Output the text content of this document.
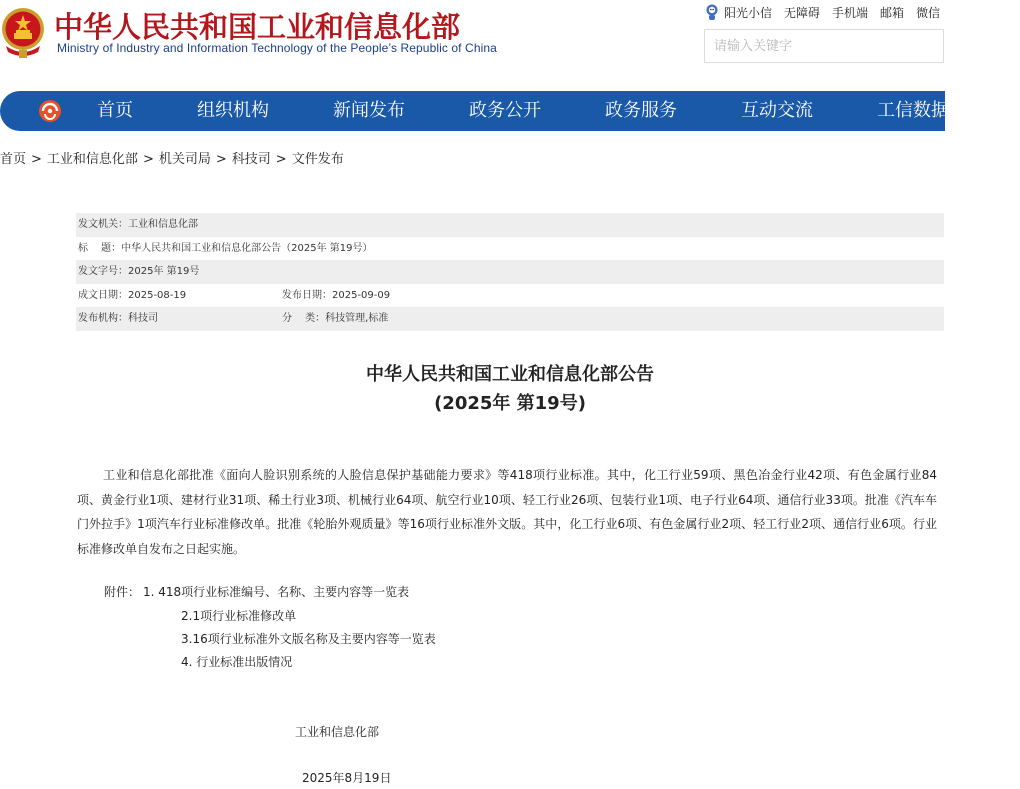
中华人民共和国工业和信息化部
Ministry of Industry and Information Technology of the People’s Republic of China
阳光小信 无障碍 手机端 邮箱 微信
请输入关键字
首页	组织机构	新闻发布	政务公开	政务服务	互动交流	工信数据
首页 > 工业和信息化部 > 机关司局 > 科技司 > 文件发布
发文机关：工业和信息化部
标　 题：中华人民共和国工业和信息化部公告（2025年 第19号）
发文字号：2025年 第19号
成文日期：2025-08-19	发布日期：2025-09-09
发布机构：科技司	分　 类：科技管理,标准
中华人民共和国工业和信息化部公告
(2025年 第19号)

工业和信息化部批准《面向人脸识别系统的人脸信息保护基础能力要求》等418项行业标准。其中，化工行业59项、黑色冶金行业42项、有色金属行业84项、黄金行业1项、建材行业31项、稀土行业3项、机械行业64项、航空行业10项、轻工行业26项、包装行业1项、电子行业64项、通信行业33项。批准《汽车车门外拉手》1项汽车行业标准修改单。批准《轮胎外观质量》等16项行业标准外文版。其中，化工行业6项、有色金属行业2项、轻工行业2项、通信行业6项。行业标准修改单自发布之日起实施。

附件： 1. 418项行业标准编号、名称、主要内容等一览表
2.1项行业标准修改单
3.16项行业标准外文版名称及主要内容等一览表
4. 行业标准出版情况
工业和信息化部
2025年8月19日
